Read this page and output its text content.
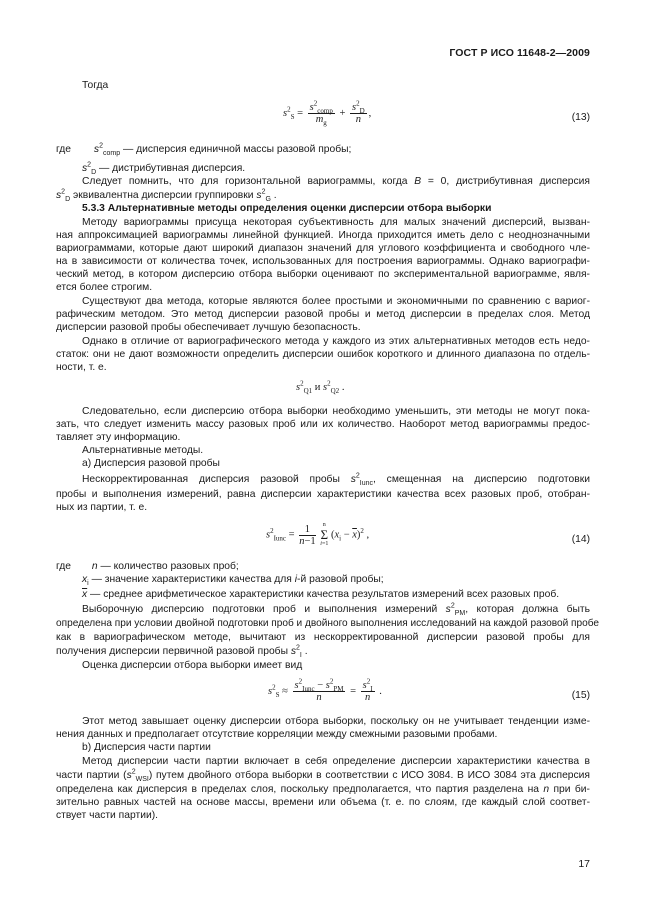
ГОСТ Р ИСО 11648-2—2009
Тогда
$s^2_S = \frac{s^2_{comp}}{m_g} + \frac{s^2_D}{n}$ ,	(13)
где $s^2_{comp}$ — дисперсия единичной массы разовой пробы;
$s^2_D$ — дистрибутивная дисперсия.
Следует помнить, что для горизонтальной вариограммы, когда B = 0, дистрибутивная дисперсия
$s^2_D$ эквивалентна дисперсии группировки $s^2_G$ .
5.3.3 Альтернативные методы определения оценки дисперсии отбора выборки
Методу вариограммы присуща некоторая субъективность для малых значений дисперсий, вызван-
ная аппроксимацией вариограммы линейной функцией. Иногда приходится иметь дело с неоднозначными
вариограммами, которые дают широкий диапазон значений для углового коэффициента и свободного чле-
на в зависимости от количества точек, использованных для построения вариограммы. Однако вариографи-
ческий метод, в котором дисперсию отбора выборки оценивают по экспериментальной вариограмме, явля-
ется более строгим.
Существуют два метода, которые являются более простыми и экономичными по сравнению с вариог-
рафическим методом. Это метод дисперсии разовой пробы и метод дисперсии в пределах слоя. Метод
дисперсии разовой пробы обеспечивает лучшую безопасность.
Однако в отличие от вариографического метода у каждого из этих альтернативных методов есть недо-
статок: они не дают возможности определить дисперсии ошибок короткого и длинного диапазона по отдель-
ности, т. е.
$s^2_{Q1}$ и $s^2_{Q2}$ .
Следовательно, если дисперсию отбора выборки необходимо уменьшить, эти методы не могут пока-
зать, что следует изменить массу разовых проб или их количество. Наоборот метод вариограммы предос-
тавляет эту информацию.
Альтернативные методы.
а) Дисперсия разовой пробы
Нескорректированная дисперсия разовой пробы $s^2_{Iunc}$, смещенная на дисперсию подготовки
пробы и выполнения измерений, равна дисперсии характеристики качества всех разовых проб, отобран-
ных из партии, т. е.
$s^2_{Iunc} = \frac{1}{n-1}$
	n
Σ
i=1
$(x_i - \overline{x})^2$ ,	(14)
где n — количество разовых проб;
$x_i$ — значение характеристики качества для i-й разовой пробы;
$\overline{x}$ — среднее арифметическое характеристики качества результатов измерений всех разовых проб.
Выборочную дисперсию подготовки проб и выполнения измерений $s^2_{PM}$, которая должна быть
определена при условии двойной подготовки проб и двойного выполнения исследований на каждой разовой пробе
как в вариографическом методе, вычитают из нескорректированной дисперсии разовой пробы для
получения дисперсии первичной разовой пробы $s^2_I$ .
Оценка дисперсии отбора выборки имеет вид
$s^2_S \approx \frac{s^2_{Iunc} - s^2_{PM}}{n} = \frac{s^2_I}{n}$ .	(15)
Этот метод завышает оценку дисперсии отбора выборки, поскольку он не учитывает тенденции изме-
нения данных и предполагает отсутствие корреляции между смежными разовыми пробами.
b) Дисперсия части партии
Метод дисперсии части партии включает в себя определение дисперсии характеристики качества в
части партии $(s^2_{WSI})$ путем двойного отбора выборки в соответствии с ИСО 3084. В ИСО 3084 эта дисперсия
определена как дисперсия в пределах слоя, поскольку предполагается, что партия разделена на n при би-
зительно равных частей на основе массы, времени или объема (т. е. по слоям, где каждый слой соответ-
ствует части партии).
17
